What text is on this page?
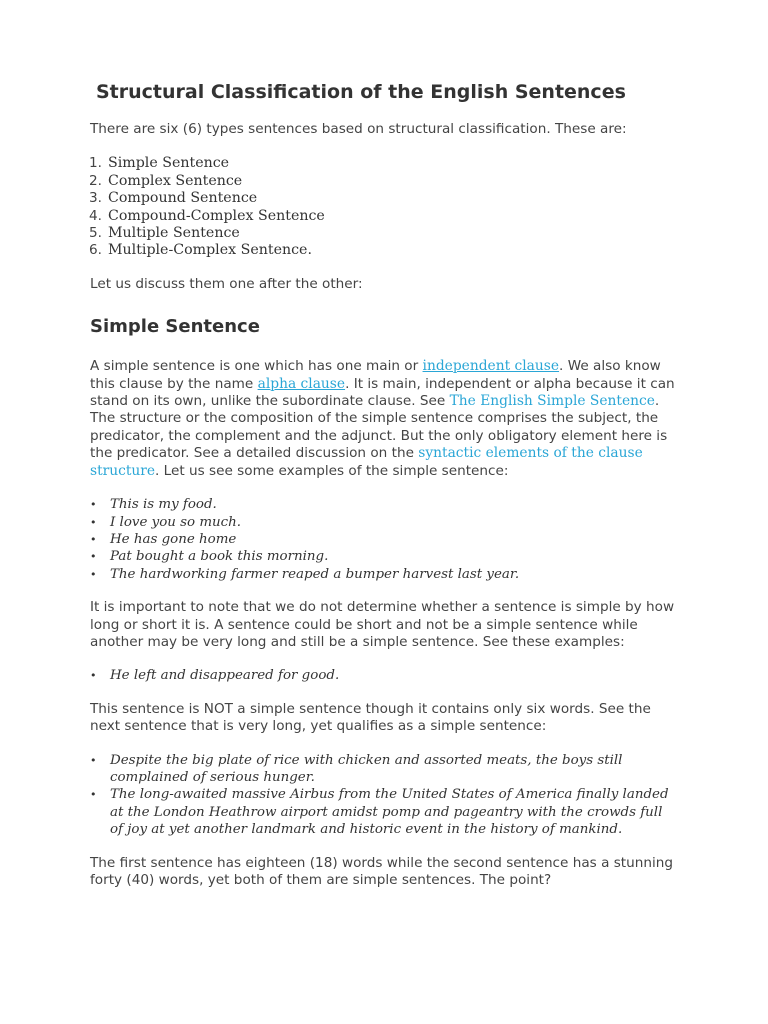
Structural Classification of the English Sentences

There are six (6) types sentences based on structural classification. These are:

1. Simple Sentence
2. Complex Sentence
3. Compound Sentence
4. Compound-Complex Sentence
5. Multiple Sentence
6. Multiple-Complex Sentence.

Let us discuss them one after the other:

Simple Sentence

A simple sentence is one which has one main or independent clause. We also know this clause by the name alpha clause. It is main, independent or alpha because it can stand on its own, unlike the subordinate clause. See The English Simple Sentence. The structure or the composition of the simple sentence comprises the subject, the predicator, the complement and the adjunct. But the only obligatory element here is the predicator. See a detailed discussion on the syntactic elements of the clause structure. Let us see some examples of the simple sentence:

• This is my food.
• I love you so much.
• He has gone home
• Pat bought a book this morning.
• The hardworking farmer reaped a bumper harvest last year.

It is important to note that we do not determine whether a sentence is simple by how long or short it is. A sentence could be short and not be a simple sentence while another may be very long and still be a simple sentence. See these examples:

• He left and disappeared for good.

This sentence is NOT a simple sentence though it contains only six words. See the next sentence that is very long, yet qualifies as a simple sentence:

• Despite the big plate of rice with chicken and assorted meats, the boys still complained of serious hunger.
• The long-awaited massive Airbus from the United States of America finally landed at the London Heathrow airport amidst pomp and pageantry with the crowds full of joy at yet another landmark and historic event in the history of mankind.

The first sentence has eighteen (18) words while the second sentence has a stunning forty (40) words, yet both of them are simple sentences. The point?
